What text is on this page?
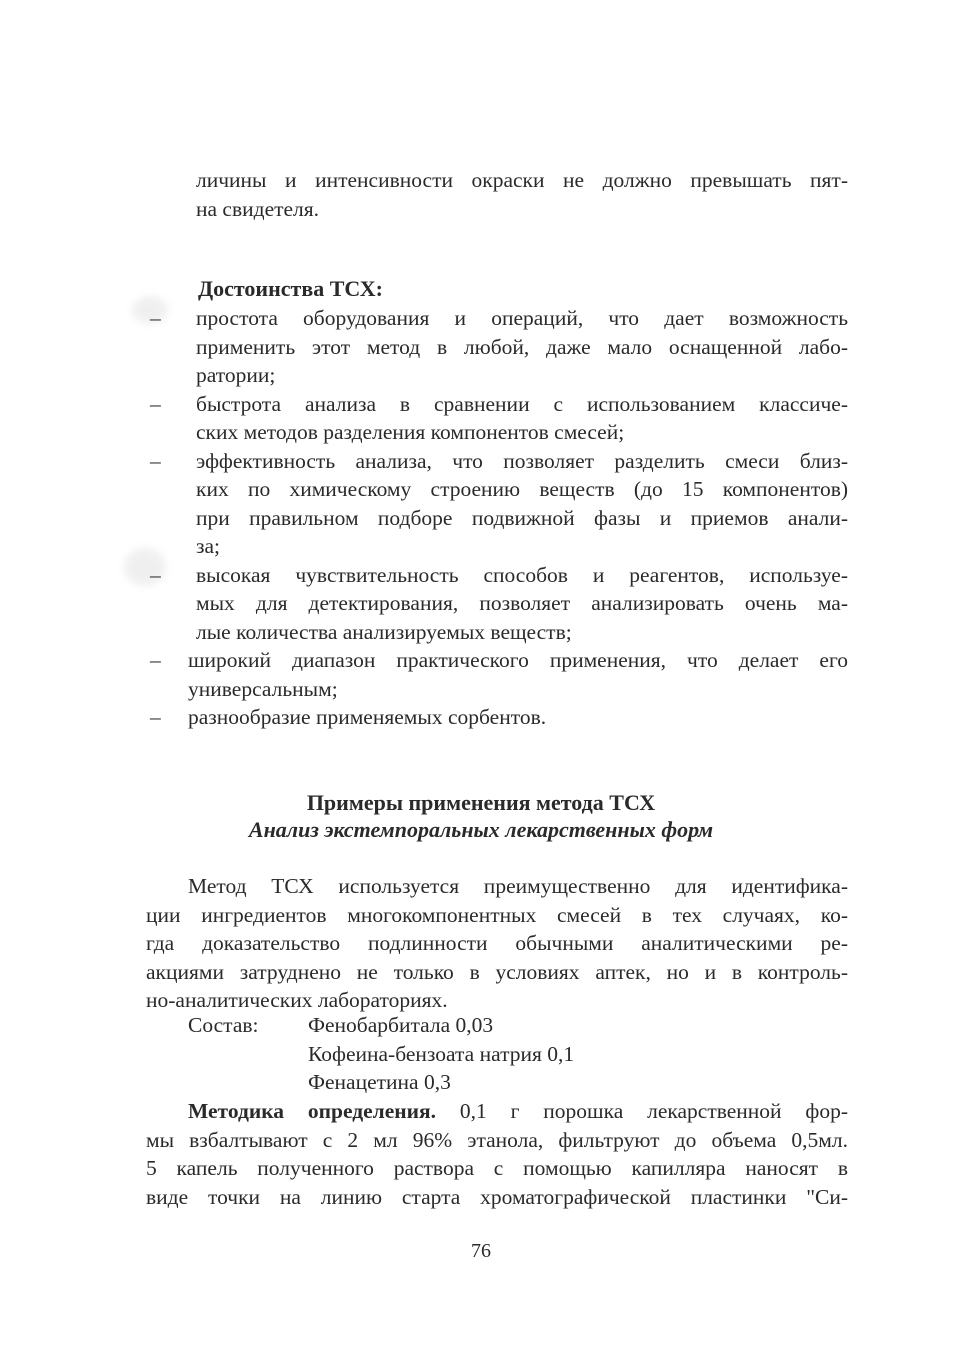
личины и интенсивности окраски не должно превышать пят-
на свидетеля.
Достоинства ТСХ:
– простота оборудования и операций, что дает возможность
применить этот метод в любой, даже мало оснащенной лабо-
ратории;
– быстрота анализа в сравнении с использованием классиче-
ских методов разделения компонентов смесей;
– эффективность анализа, что позволяет разделить смеси близ-
ких по химическому строению веществ (до 15 компонентов)
при правильном подборе подвижной фазы и приемов анали-
за;
– высокая чувствительность способов и реагентов, используе-
мых для детектирования, позволяет анализировать очень ма-
лые количества анализируемых веществ;
– широкий диапазон практического применения, что делает его
универсальным;
– разнообразие применяемых сорбентов.
Примеры применения метода ТСХ
Анализ экстемпоральных лекарственных форм
Метод ТСХ используется преимущественно для идентифика-
ции ингредиентов многокомпонентных смесей в тех случаях, ко-
гда доказательство подлинности обычными аналитическими ре-
акциями затруднено не только в условиях аптек, но и в контроль-
но-аналитических лабораториях.
Состав:	Фенобарбитала 0,03
Кофеина-бензоата натрия 0,1
Фенацетина 0,3

Методика определения. 0,1 г порошка лекарственной фор-

мы взбалтывают с 2 мл 96% этанола, фильтруют до объема 0,5мл.
5 капель полученного раствора с помощью капилляра наносят в
виде точки на линию старта хроматографической пластинки "Си-
76
